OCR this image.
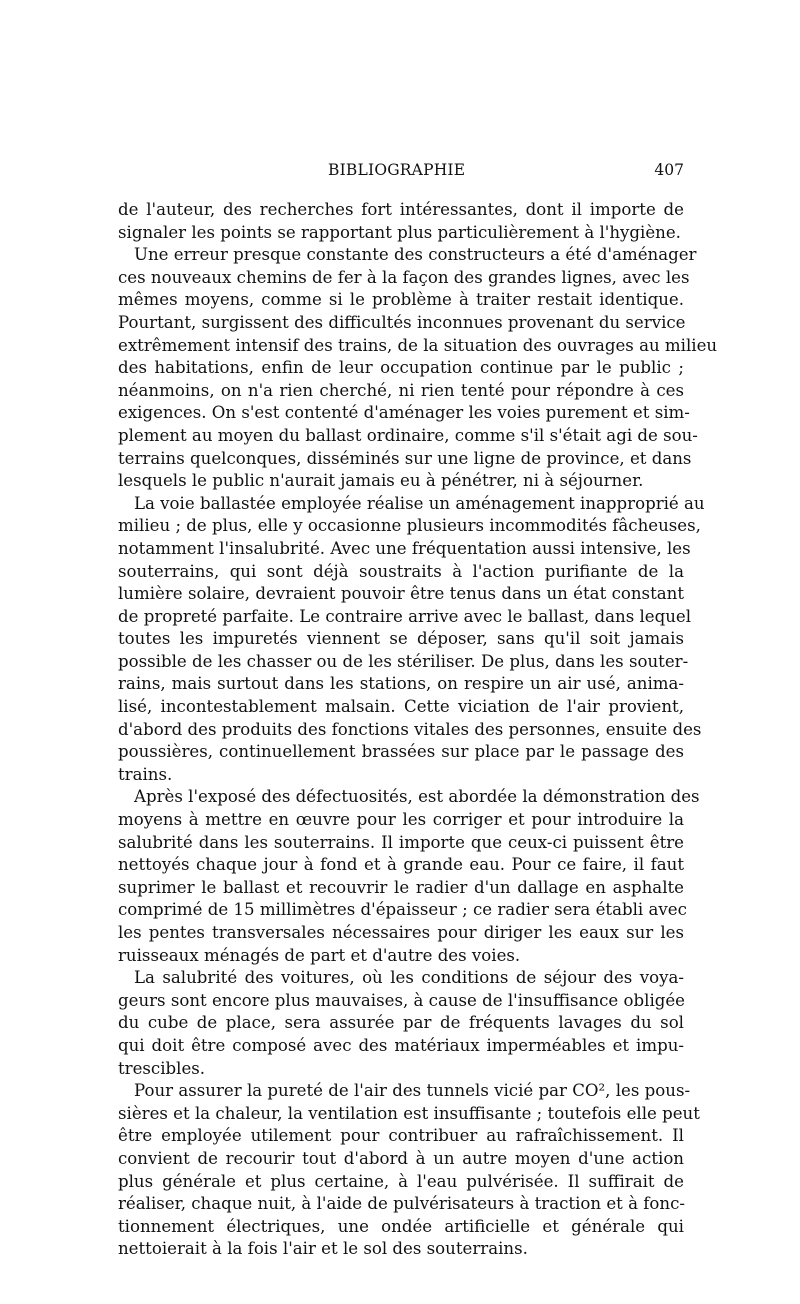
BIBLIOGRAPHIE	407
de l'auteur, des recherches fort intéressantes, dont il importe de
signaler les points se rapportant plus particulièrement à l'hygiène.
Une erreur presque constante des constructeurs a été d'aménager
ces nouveaux chemins de fer à la façon des grandes lignes, avec les
mêmes moyens, comme si le problème à traiter restait identique.
Pourtant, surgissent des difficultés inconnues provenant du service
extrêmement intensif des trains, de la situation des ouvrages au milieu
des habitations, enfin de leur occupation continue par le public ;
néanmoins, on n'a rien cherché, ni rien tenté pour répondre à ces
exigences. On s'est contenté d'aménager les voies purement et sim-
plement au moyen du ballast ordinaire, comme s'il s'était agi de sou-
terrains quelconques, disséminés sur une ligne de province, et dans
lesquels le public n'aurait jamais eu à pénétrer, ni à séjourner.
La voie ballastée employée réalise un aménagement inapproprié au
milieu ; de plus, elle y occasionne plusieurs incommodités fâcheuses,
notamment l'insalubrité. Avec une fréquentation aussi intensive, les
souterrains, qui sont déjà soustraits à l'action purifiante de la
lumière solaire, devraient pouvoir être tenus dans un état constant
de propreté parfaite. Le contraire arrive avec le ballast, dans lequel
toutes les impuretés viennent se déposer, sans qu'il soit jamais
possible de les chasser ou de les stériliser. De plus, dans les souter-
rains, mais surtout dans les stations, on respire un air usé, anima-
lisé, incontestablement malsain. Cette viciation de l'air provient,
d'abord des produits des fonctions vitales des personnes, ensuite des
poussières, continuellement brassées sur place par le passage des
trains.
Après l'exposé des défectuosités, est abordée la démonstration des
moyens à mettre en œuvre pour les corriger et pour introduire la
salubrité dans les souterrains. Il importe que ceux-ci puissent être
nettoyés chaque jour à fond et à grande eau. Pour ce faire, il faut
suprimer le ballast et recouvrir le radier d'un dallage en asphalte
comprimé de 15 millimètres d'épaisseur ; ce radier sera établi avec
les pentes transversales nécessaires pour diriger les eaux sur les
ruisseaux ménagés de part et d'autre des voies.
La salubrité des voitures, où les conditions de séjour des voya-
geurs sont encore plus mauvaises, à cause de l'insuffisance obligée
du cube de place, sera assurée par de fréquents lavages du sol
qui doit être composé avec des matériaux imperméables et impu-
trescibles.
Pour assurer la pureté de l'air des tunnels vicié par CO², les pous-
sières et la chaleur, la ventilation est insuffisante ; toutefois elle peut
être employée utilement pour contribuer au rafraîchissement. Il
convient de recourir tout d'abord à un autre moyen d'une action
plus générale et plus certaine, à l'eau pulvérisée. Il suffirait de
réaliser, chaque nuit, à l'aide de pulvérisateurs à traction et à fonc-
tionnement électriques, une ondée artificielle et générale qui
nettoierait à la fois l'air et le sol des souterrains.
